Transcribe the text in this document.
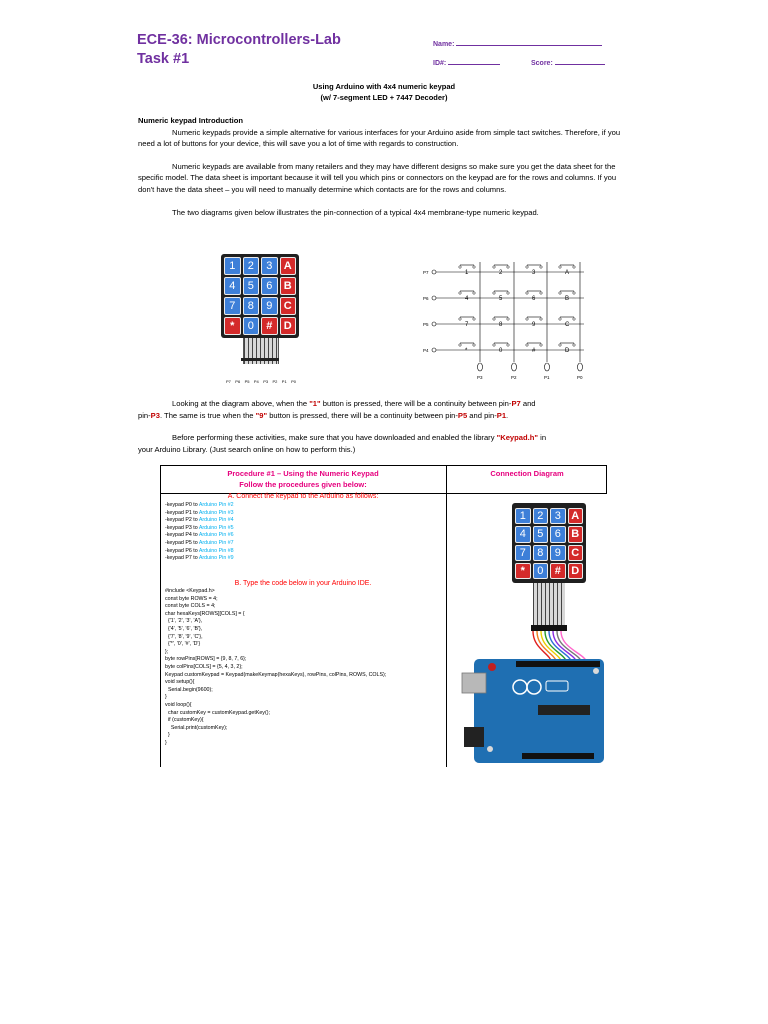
ECE-36: Microcontrollers-Lab
Task #1
Name:
ID#:	Score:
Using Arduino with 4x4 numeric keypad
(w/ 7-segment LED + 7447 Decoder)

Numeric keypad Introduction

Numeric keypads provide a simple alternative for various interfaces for your Arduino aside from simple tact switches. Therefore, if you need a lot of buttons for your device, this will save you a lot of time with regards to construction.

Numeric keypads are available from many retailers and they may have different designs so make sure you get the data sheet for the specific model. The data sheet is important because it will tell you which pins or connectors on the keypad are for the rows and columns. If you don't have the data sheet – you will need to manually determine which contacts are for the rows and columns.

The two diagrams given below illustrates the pin-connection of a typical 4x4 membrane-type numeric keypad.

1	2	3	A
4	5	6	B
7	8	9	C
*	0	#	D
P7 P6 P5 P4 P3 P2 P1 P0
P7
P6
P5
P4
P3	P2	P1	P0
1	2	3	A
4	5	6	B
7	8	9	C
*	0	#	D

Looking at the diagram above, when the "1" button is pressed, there will be a continuity between pin-P7 and

pin-P3. The same is true when the "9" button is pressed, there will be a continuity between pin-P5 and pin-P1.

Before performing these activities, make sure that you have downloaded and enabled the library "Keypad.h" in

your Arduino Library. (Just search online on how to perform this.)

Procedure #1 – Using the Numeric Keypad
Follow the procedures given below:
Connection Diagram
A. Connect the keypad to the Arduino as follows:
-keypad P0 to Arduino Pin #2
-keypad P1 to Arduino Pin #3
-keypad P2 to Arduino Pin #4
-keypad P3 to Arduino Pin #5
-keypad P4 to Arduino Pin #6
-keypad P5 to Arduino Pin #7
-keypad P6 to Arduino Pin #8
-keypad P7 to Arduino Pin #9
B. Type the code below in your Arduino IDE.
#include <Keypad.h>
const byte ROWS = 4;
const byte COLS = 4;
char hexaKeys[ROWS][COLS] = {
{'1', '2', '3', 'A'},
{'4', '5', '6', 'B'},
{'7', '8', '9', 'C'},
{'*', '0', '#', 'D'}
};
byte rowPins[ROWS] = {9, 8, 7, 6};
byte colPins[COLS] = {5, 4, 3, 2};
Keypad customKeypad = Keypad(makeKeymap(hexaKeys), rowPins, colPins, ROWS, COLS);
void setup(){
Serial.begin(9600);
}
void loop(){
char customKey = customKeypad.getKey();
if (customKey){
Serial.print(customKey);
}
}
1	2	3 A
4	5	6 B
7	8	9 C
*	0	# D
